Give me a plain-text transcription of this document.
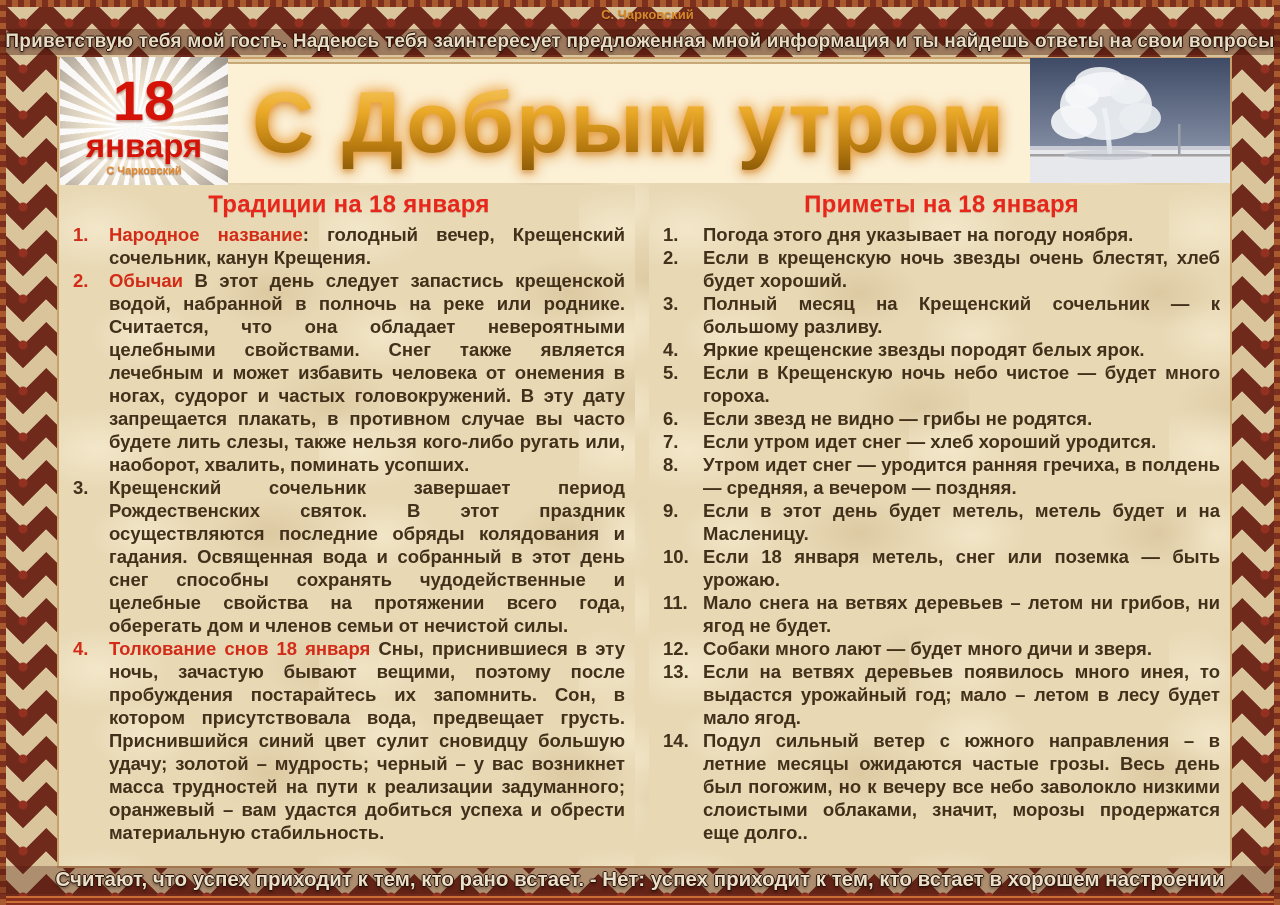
С. Чарковский
Приветствую тебя мой гость. Надеюсь тебя заинтересует предложенная мной информация и ты найдешь ответы на свои вопросы
18
января
С Чарковский С Добрым утром
Традиции на 18 января
1.	Народное название: голодный вечер, Крещенский сочельник, канун Крещения.

2.	Обычаи В этот день следует запастись крещенской водой, набранной в полночь на реке или роднике. Считается, что она обладает невероятными целебными свойствами. Снег также является лечебным и может избавить человека от онемения в ногах, судорог и частых головокружений. В эту дату запрещается плакать, в противном случае вы часто будете лить слезы, также нельзя кого-либо ругать или, наоборот, хвалить, поминать усопших.

3.	Крещенский сочельник завершает период Рождественских святок. В этот праздник осуществляются последние обряды колядования и гадания. Освященная вода и собранный в этот день снег способны сохранять чудодейственные и целебные свойства на протяжении всего года, оберегать дом и членов семьи от нечистой силы.

4.	Толкование снов 18 января Сны, приснившиеся в эту ночь, зачастую бывают вещими, поэтому после пробуждения постарайтесь их запомнить. Сон, в котором присутствовала вода, предвещает грусть. Приснившийся синий цвет сулит сновидцу большую удачу; золотой – мудрость; черный – у вас возникнет масса трудностей на пути к реализации задуманного; оранжевый – вам удастся добиться успеха и обрести материальную стабильность.

Приметы на 18 января
1.	Погода этого дня указывает на погоду ноября.

2.	Если в крещенскую ночь звезды очень блестят, хлеб будет хороший.

3.	Полный месяц на Крещенский сочельник — к большому разливу.

4.	Яркие крещенские звезды породят белых ярок.

5.	Если в Крещенскую ночь небо чистое — будет много гороха.

6.	Если звезд не видно — грибы не родятся.

7.	Если утром идет снег — хлеб хороший уродится.

8.	Утром идет снег — уродится ранняя гречиха, в полдень — средняя, а вечером — поздняя.

9.	Если в этот день будет метель, метель будет и на Масленицу.

10. Если 18 января метель, снег или поземка — быть урожаю.

11. Мало снега на ветвях деревьев – летом ни грибов, ни ягод не будет.

12. Собаки много лают — будет много дичи и зверя.

13. Если на ветвях деревьев появилось много инея, то выдастся урожайный год; мало – летом в лесу будет мало ягод.

14. Подул сильный ветер с южного направления – в летние месяцы ожидаются частые грозы. Весь день был погожим, но к вечеру все небо заволокло низкими слоистыми облаками, значит, морозы продержатся еще долго..

Считают, что успех приходит к тем, кто рано встает. - Нет: успех приходит к тем, кто встает в хорошем настроении
